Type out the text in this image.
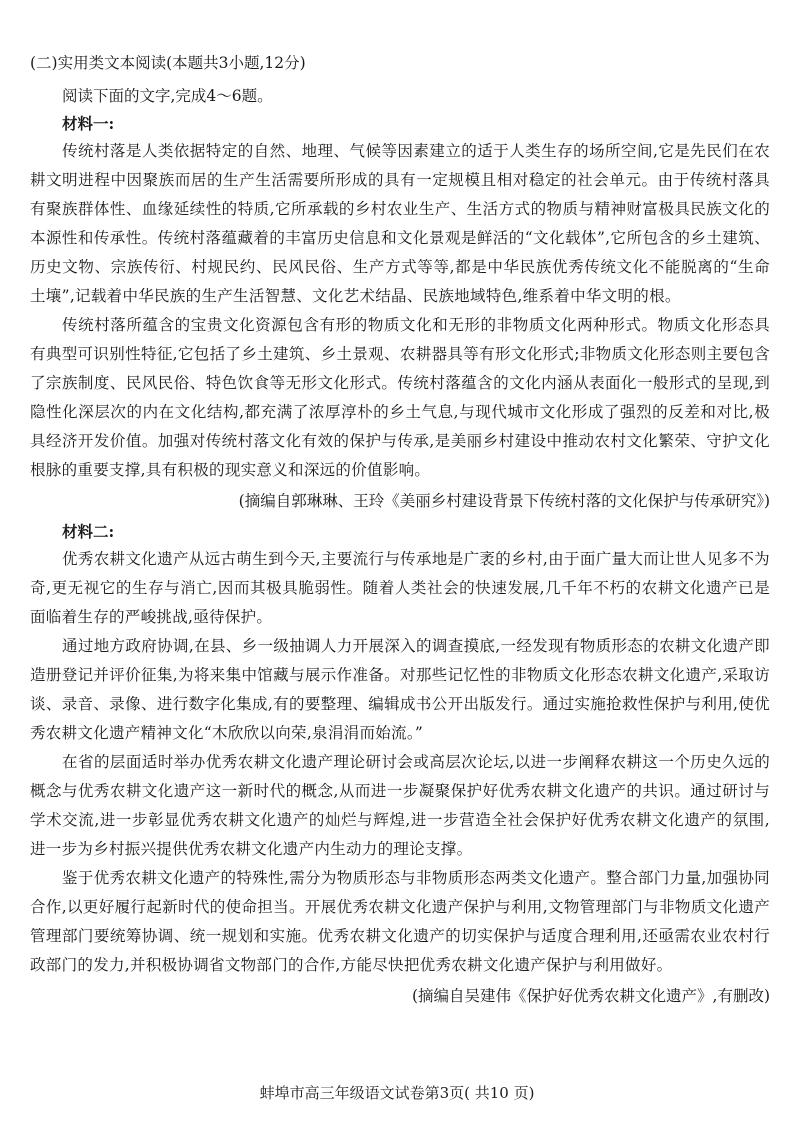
(二)实用类文本阅读(本题共3小题,12分)

阅读下面的文字,完成4～6题。

材料一:

传统村落是人类依据特定的自然、地理、气候等因素建立的适于人类生存的场所空间,它是先民们在农耕文明进程中因聚族而居的生产生活需要所形成的具有一定规模且相对稳定的社会单元。由于传统村落具有聚族群体性、血缘延续性的特质,它所承载的乡村农业生产、生活方式的物质与精神财富极具民族文化的本源性和传承性。传统村落蕴藏着的丰富历史信息和文化景观是鲜活的“文化载体”,它所包含的乡土建筑、历史文物、宗族传衍、村规民约、民风民俗、生产方式等等,都是中华民族优秀传统文化不能脱离的“生命土壤”,记载着中华民族的生产生活智慧、文化艺术结晶、民族地域特色,维系着中华文明的根。

传统村落所蕴含的宝贵文化资源包含有形的物质文化和无形的非物质文化两种形式。物质文化形态具有典型可识别性特征,它包括了乡土建筑、乡土景观、农耕器具等有形文化形式;非物质文化形态则主要包含了宗族制度、民风民俗、特色饮食等无形文化形式。传统村落蕴含的文化内涵从表面化一般形式的呈现,到隐性化深层次的内在文化结构,都充满了浓厚淳朴的乡土气息,与现代城市文化形成了强烈的反差和对比,极具经济开发价值。加强对传统村落文化有效的保护与传承,是美丽乡村建设中推动农村文化繁荣、守护文化根脉的重要支撑,具有积极的现实意义和深远的价值影响。

(摘编自郭琳琳、王玲《美丽乡村建设背景下传统村落的文化保护与传承研究》)

材料二:

优秀农耕文化遗产从远古萌生到今天,主要流行与传承地是广袤的乡村,由于面广量大而让世人见多不为奇,更无视它的生存与消亡,因而其极具脆弱性。随着人类社会的快速发展,几千年不朽的农耕文化遗产已是面临着生存的严峻挑战,亟待保护。

通过地方政府协调,在县、乡一级抽调人力开展深入的调查摸底,一经发现有物质形态的农耕文化遗产即造册登记并评价征集,为将来集中馆藏与展示作准备。对那些记忆性的非物质文化形态农耕文化遗产,采取访谈、录音、录像、进行数字化集成,有的要整理、编辑成书公开出版发行。通过实施抢救性保护与利用,使优秀农耕文化遗产精神文化“木欣欣以向荣,泉涓涓而始流。”

在省的层面适时举办优秀农耕文化遗产理论研讨会或高层次论坛,以进一步阐释农耕这一个历史久远的概念与优秀农耕文化遗产这一新时代的概念,从而进一步凝聚保护好优秀农耕文化遗产的共识。通过研讨与学术交流,进一步彰显优秀农耕文化遗产的灿烂与辉煌,进一步营造全社会保护好优秀农耕文化遗产的氛围,进一步为乡村振兴提供优秀农耕文化遗产内生动力的理论支撑。

鉴于优秀农耕文化遗产的特殊性,需分为物质形态与非物质形态两类文化遗产。整合部门力量,加强协同合作,以更好履行起新时代的使命担当。开展优秀农耕文化遗产保护与利用,文物管理部门与非物质文化遗产管理部门要统筹协调、统一规划和实施。优秀农耕文化遗产的切实保护与适度合理利用,还亟需农业农村行政部门的发力,并积极协调省文物部门的合作,方能尽快把优秀农耕文化遗产保护与利用做好。

(摘编自吴建伟《保护好优秀农耕文化遗产》,有删改)

蚌埠市高三年级语文试卷第3页( 共10 页)
